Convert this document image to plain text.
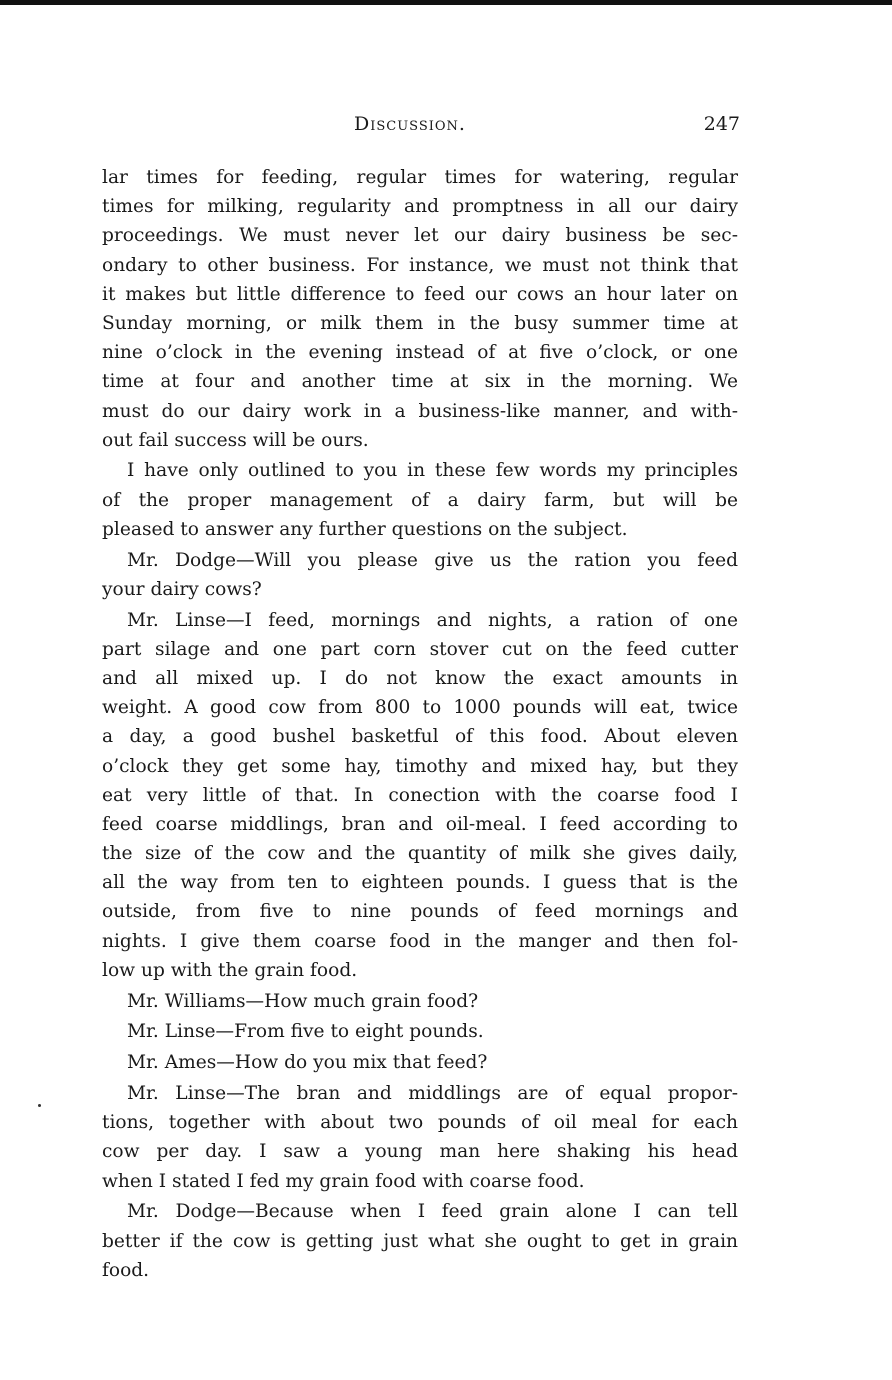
Discussion.	247
lar times for feeding, regular times for watering, regular
times for milking, regularity and promptness in all our dairy
proceedings. We must never let our dairy business be sec-
ondary to other business. For instance, we must not think that
it makes but little difference to feed our cows an hour later on
Sunday morning, or milk them in the busy summer time at
nine o’clock in the evening instead of at five o’clock, or one
time at four and another time at six in the morning. We
must do our dairy work in a business-like manner, and with-
out fail success will be ours.
I have only outlined to you in these few words my principles
of the proper management of a dairy farm, but will be
pleased to answer any further questions on the subject.
Mr. Dodge—Will you please give us the ration you feed
your dairy cows?
Mr. Linse—I feed, mornings and nights, a ration of one
part silage and one part corn stover cut on the feed cutter
and all mixed up. I do not know the exact amounts in
weight. A good cow from 800 to 1000 pounds will eat, twice
a day, a good bushel basketful of this food. About eleven
o’clock they get some hay, timothy and mixed hay, but they
eat very little of that. In conection with the coarse food I
feed coarse middlings, bran and oil-meal. I feed according to
the size of the cow and the quantity of milk she gives daily,
all the way from ten to eighteen pounds. I guess that is the
outside, from five to nine pounds of feed mornings and
nights. I give them coarse food in the manger and then fol-
low up with the grain food.
Mr. Williams—How much grain food?
Mr. Linse—From five to eight pounds.
Mr. Ames—How do you mix that feed?
Mr. Linse—The bran and middlings are of equal propor-
tions, together with about two pounds of oil meal for each
cow per day. I saw a young man here shaking his head
when I stated I fed my grain food with coarse food.
Mr. Dodge—Because when I feed grain alone I can tell
better if the cow is getting just what she ought to get in grain
food.
